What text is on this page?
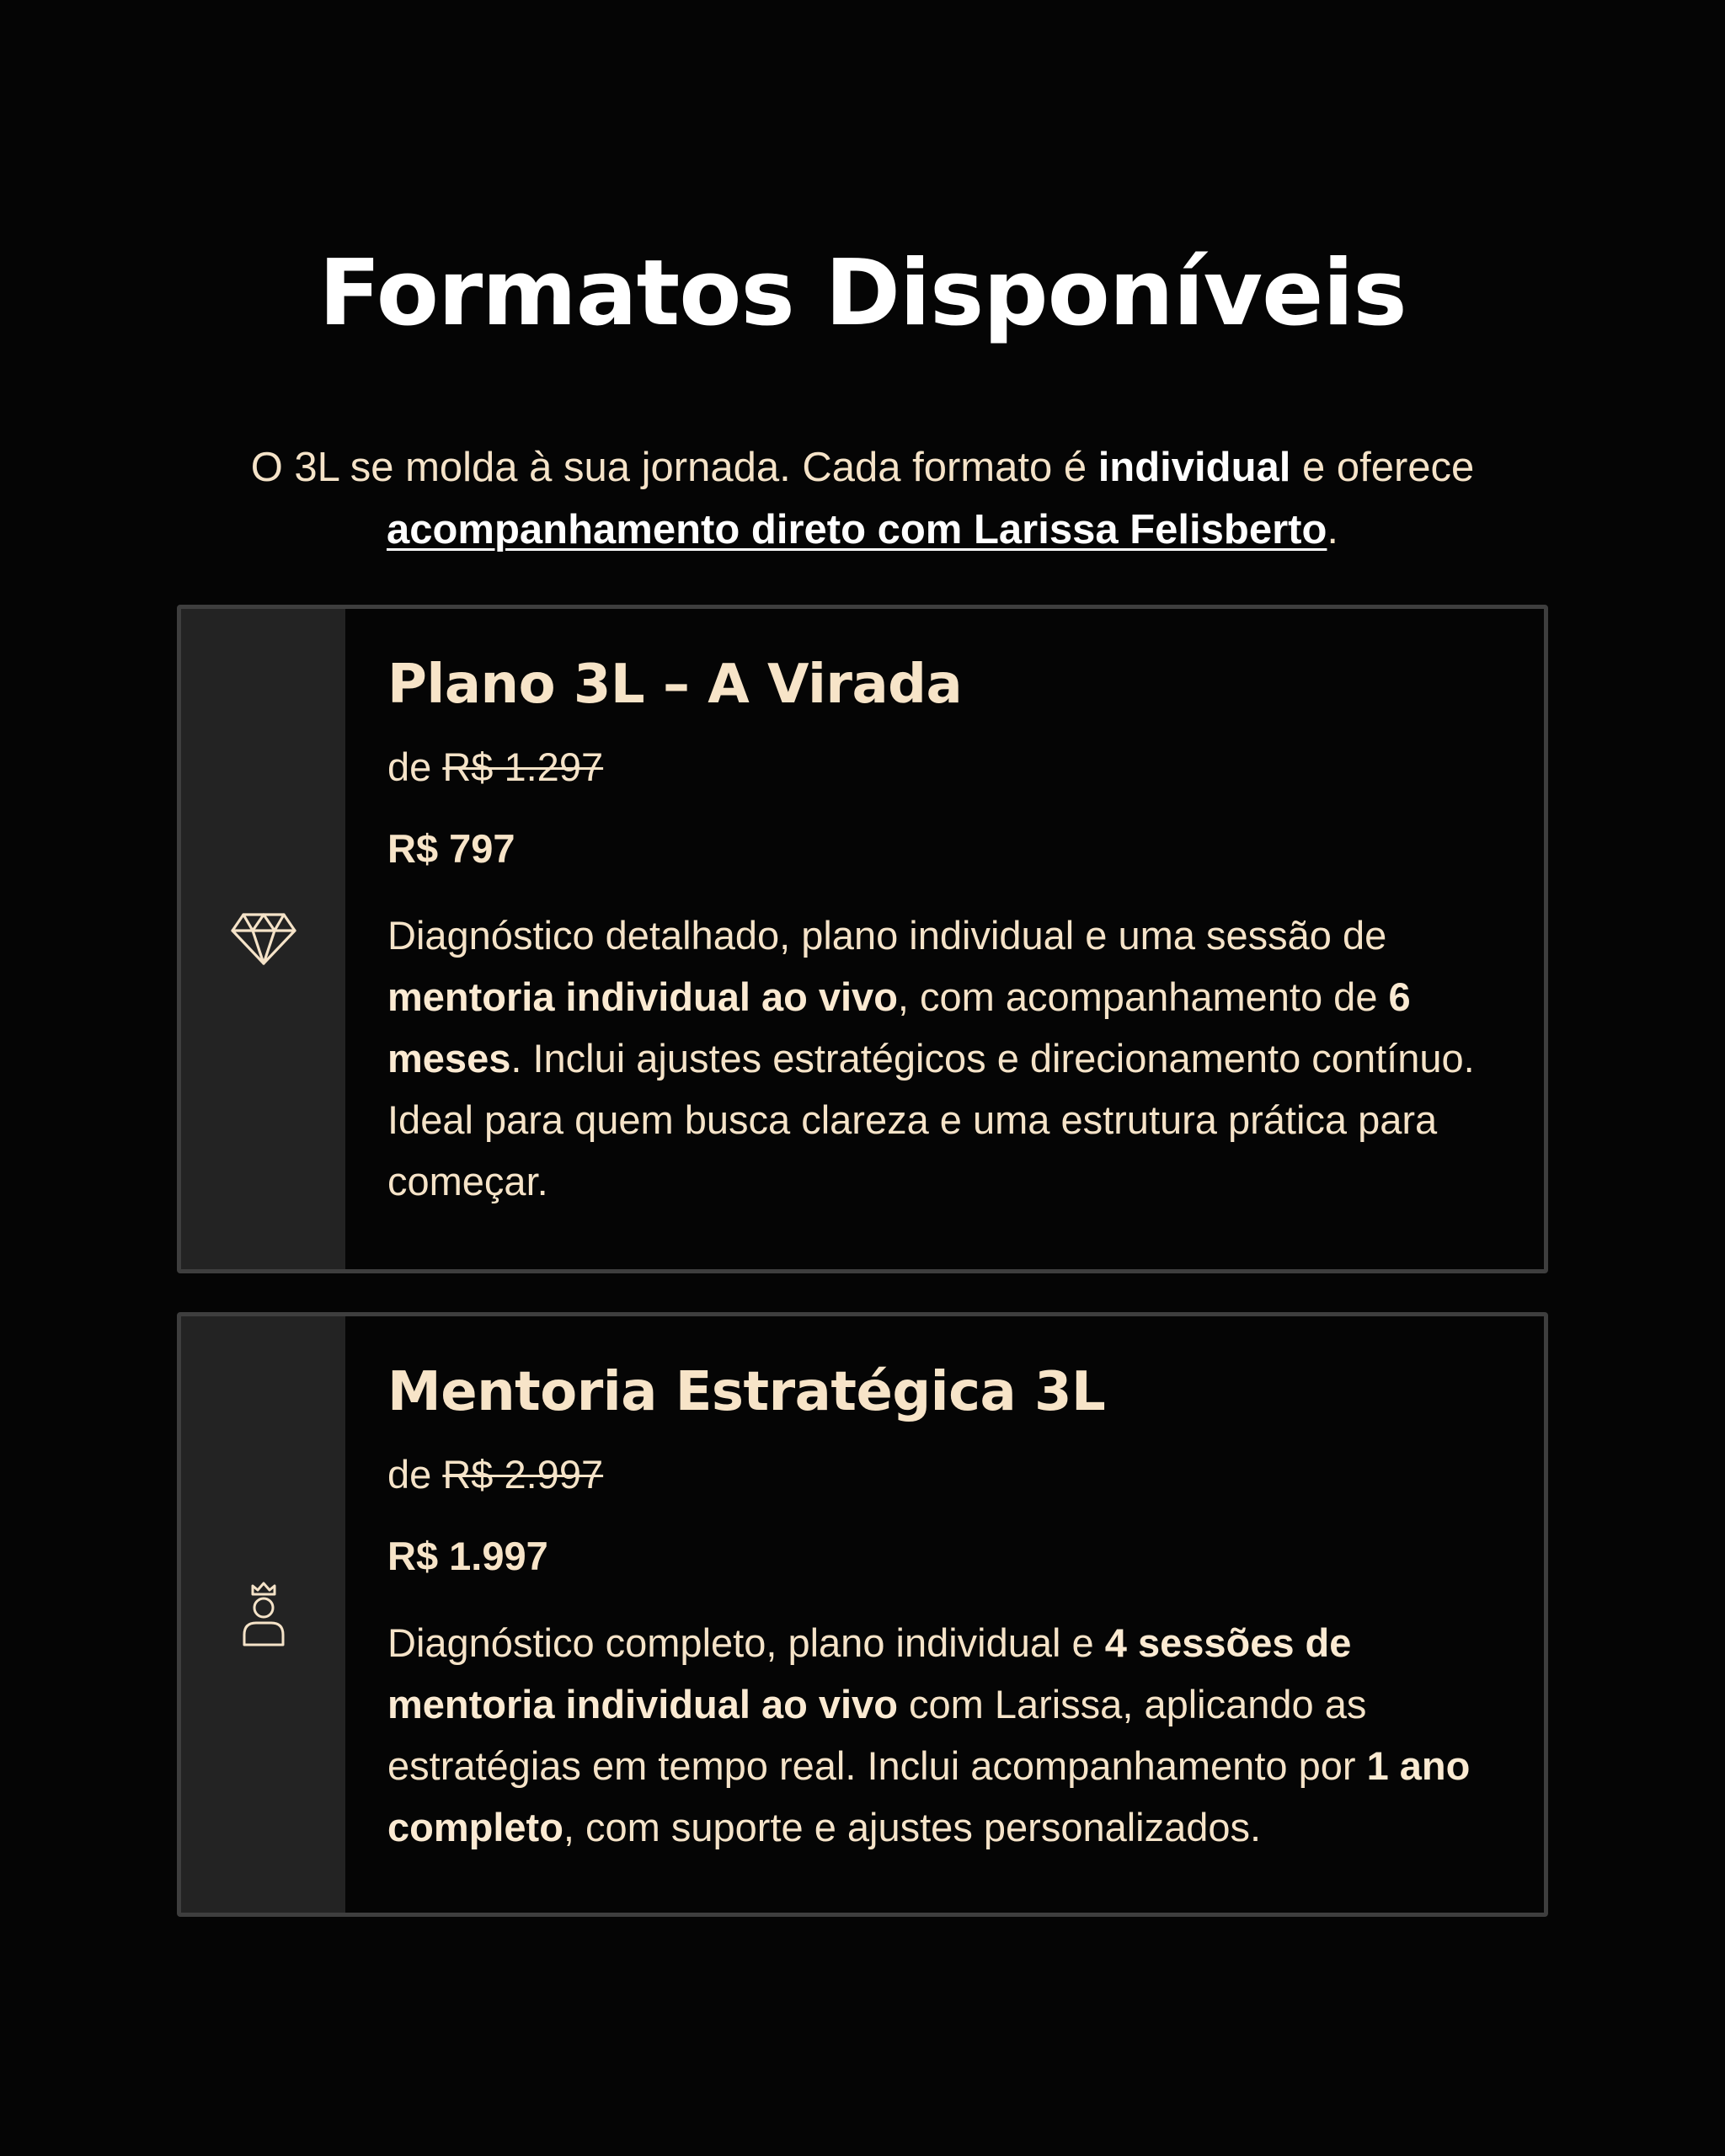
Formatos Disponíveis

O 3L se molda à sua jornada. Cada formato é individual e oferece
acompanhamento direto com Larissa Felisberto.

Plano 3L – A Virada
de R$ 1.297
R$ 797

Diagnóstico detalhado, plano individual e uma sessão de mentoria individual ao vivo, com acompanhamento de 6 meses. Inclui ajustes estratégicos e direcionamento contínuo. Ideal para quem busca clareza e uma estrutura prática para começar.

Mentoria Estratégica 3L
de R$ 2.997
R$ 1.997

Diagnóstico completo, plano individual e 4 sessões de mentoria individual ao vivo com Larissa, aplicando as estratégias em tempo real. Inclui acompanhamento por 1 ano completo, com suporte e ajustes personalizados.
